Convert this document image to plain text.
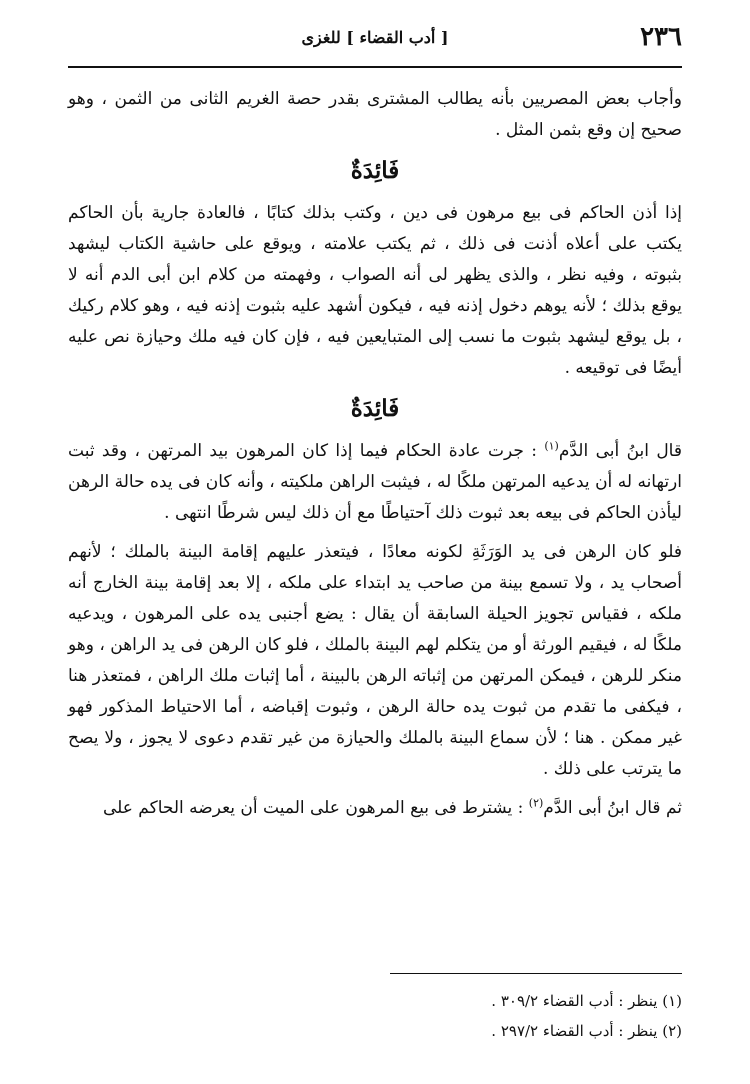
٢٣٦
[ أدب القضاء ] للغزى

وأجاب بعض المصريين بأنه يطالب المشترى بقدر حصة الغريم الثانى من الثمن ، وهو صحيح إن وقع بثمن المثل .

فَائِدَةٌ

إذا أذن الحاكم فى بيع مرهون فى دين ، وكتب بذلك كتابًا ، فالعادة جارية بأن الحاكم يكتب على أعلاه أذنت فى ذلك ، ثم يكتب علامته ، ويوقع على حاشية الكتاب ليشهد بثبوته ، وفيه نظر ، والذى يظهر لى أنه الصواب ، وفهمته من كلام ابن أبى الدم أنه لا يوقع بذلك ؛ لأنه يوهم دخول إذنه فيه ، فيكون أشهد عليه بثبوت إذنه فيه ، وهو كلام ركيك ، بل يوقع ليشهد بثبوت ما نسب إلى المتبايعين فيه ، فإن كان فيه ملك وحيازة نص عليه أيضًا فى توقيعه .

فَائِدَةٌ

قال ابنُ أبى الدَّم$^{(١)}$ : جرت عادة الحكام فيما إذا كان المرهون بيد المرتهن ، وقد ثبت ارتهانه له أن يدعيه المرتهن ملكًا له ، فيثبت الراهن ملكيته ، وأنه كان فى يده حالة الرهن ليأذن الحاكم فى بيعه بعد ثبوت ذلك آحتياطًا مع أن ذلك ليس شرطًا انتهى .

فلو كان الرهن فى يد الوَرَثَةِ لكونه معادًا ، فيتعذر عليهم إقامة البينة بالملك ؛ لأنهم أصحاب يد ، ولا تسمع بينة من صاحب يد ابتداء على ملكه ، إلا بعد إقامة بينة الخارج أنه ملكه ، فقياس تجويز الحيلة السابقة أن يقال : يضع أجنبى يده على المرهون ، ويدعيه ملكًا له ، فيقيم الورثة أو من يتكلم لهم البينة بالملك ، فلو كان الرهن فى يد الراهن ، وهو منكر للرهن ، فيمكن المرتهن من إثباته الرهن بالبينة ، أما إثبات ملك الراهن ، فمتعذر هنا ، فيكفى ما تقدم من ثبوت يده حالة الرهن ، وثبوت إقباضه ، أما الاحتياط المذكور فهو غير ممكن . هنا ؛ لأن سماع البينة بالملك والحيازة من غير تقدم دعوى لا يجوز ، ولا يصح ما يترتب على ذلك .

ثم قال ابنُ أبى الدَّم$^{(٢)}$ : يشترط فى بيع المرهون على الميت أن يعرضه الحاكم على

(١) ينظر : أدب القضاء ٣٠٩/٢ .
(٢) ينظر : أدب القضاء ٢٩٧/٢ .
